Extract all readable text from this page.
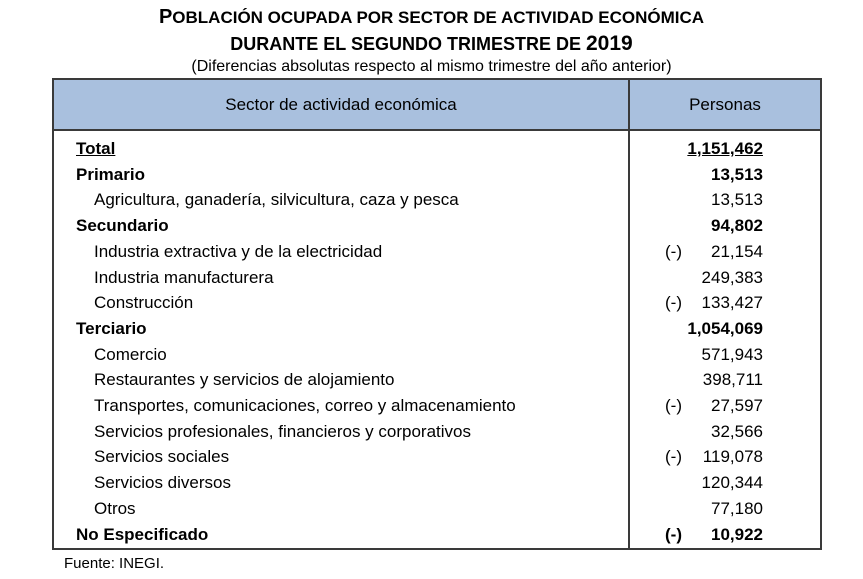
POBLACIÓN OCUPADA POR SECTOR DE ACTIVIDAD ECONÓMICA
DURANTE EL SEGUNDO TRIMESTRE DE 2019
(Diferencias absolutas respecto al mismo trimestre del año anterior)
Sector de actividad económica	Personas
Total	1,151,462
Primario	13,513
Agricultura, ganadería, silvicultura, caza y pesca	13,513
Secundario	94,802
Industria extractiva y de la electricidad	(-) 21,154
Industria manufacturera	249,383
Construcción	(-) 133,427
Terciario	1,054,069
Comercio	571,943
Restaurantes y servicios de alojamiento	398,711
Transportes, comunicaciones, correo y almacenamiento	(-) 27,597
Servicios profesionales, financieros y corporativos	32,566
Servicios sociales	(-) 119,078
Servicios diversos	120,344
Otros	77,180
No Especificado	(-) 10,922
Fuente: INEGI.
